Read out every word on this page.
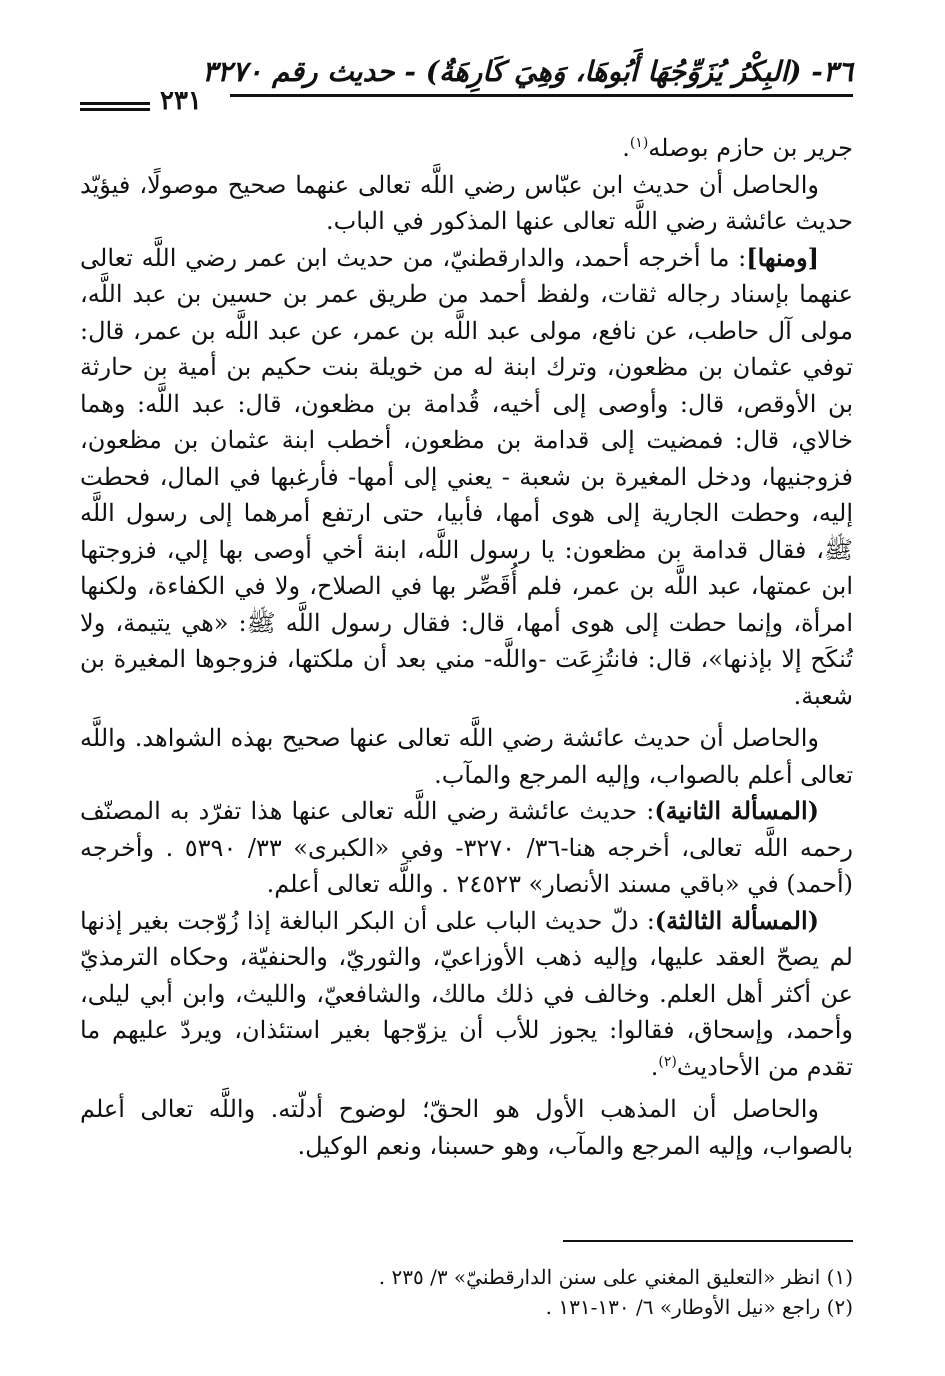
٣٦- (البِكْرُ يُزَوِّجُهَا أَبُوهَا، وَهِيَ كَارِهَةٌ) - حديث رقم ٣٢٧٠
٢٣١

جرير بن حازم بوصله$^{(١)}$.

والحاصل أن حديث ابن عبّاس رضي اللَّه تعالى عنهما صحيح موصولًا، فيؤيّد حديث عائشة رضي اللَّه تعالى عنها المذكور في الباب.

[ومنها]: ما أخرجه أحمد، والدارقطنيّ، من حديث ابن عمر رضي اللَّه تعالى عنهما بإسناد رجاله ثقات، ولفظ أحمد من طريق عمر بن حسين بن عبد اللَّه، مولى آل حاطب، عن نافع، مولى عبد اللَّه بن عمر، عن عبد اللَّه بن عمر، قال: توفي عثمان بن مظعون، وترك ابنة له من خويلة بنت حكيم بن أمية بن حارثة بن الأوقص، قال: وأوصى إلى أخيه، قُدامة بن مظعون، قال: عبد اللَّه: وهما خالاي، قال: فمضيت إلى قدامة بن مظعون، أخطب ابنة عثمان بن مظعون، فزوجنيها، ودخل المغيرة بن شعبة - يعني إلى أمها- فأرغبها في المال، فحطت إليه، وحطت الجارية إلى هوى أمها، فأبيا، حتى ارتفع أمرهما إلى رسول اللَّه ﷺ، فقال قدامة بن مظعون: يا رسول اللَّه، ابنة أخي أوصى بها إلي، فزوجتها ابن عمتها، عبد اللَّه بن عمر، فلم أُقَصِّر بها في الصلاح، ولا في الكفاءة، ولكنها امرأة، وإنما حطت إلى هوى أمها، قال: فقال رسول اللَّه ﷺ: «هي يتيمة، ولا تُنكَح إلا بإذنها»، قال: فانتُزِعَت -واللَّه- مني بعد أن ملكتها، فزوجوها المغيرة بن شعبة.

والحاصل أن حديث عائشة رضي اللَّه تعالى عنها صحيح بهذه الشواهد. واللَّه تعالى أعلم بالصواب، وإليه المرجع والمآب.

(المسألة الثانية): حديث عائشة رضي اللَّه تعالى عنها هذا تفرّد به المصنّف رحمه اللَّه تعالى، أخرجه هنا-٣٦/ ٣٢٧٠- وفي «الكبرى» ٣٣/ ٥٣٩٠ . وأخرجه (أحمد) في «باقي مسند الأنصار» ٢٤٥٢٣ . واللَّه تعالى أعلم.

(المسألة الثالثة): دلّ حديث الباب على أن البكر البالغة إذا زُوّجت بغير إذنها لم يصحّ العقد عليها، وإليه ذهب الأوزاعيّ، والثوريّ، والحنفيّة، وحكاه الترمذيّ عن أكثر أهل العلم. وخالف في ذلك مالك، والشافعيّ، والليث، وابن أبي ليلى، وأحمد، وإسحاق، فقالوا: يجوز للأب أن يزوّجها بغير استئذان، ويردّ عليهم ما تقدم من الأحاديث$^{(٢)}$.

والحاصل أن المذهب الأول هو الحقّ؛ لوضوح أدلّته. واللَّه تعالى أعلم بالصواب، وإليه المرجع والمآب، وهو حسبنا، ونعم الوكيل.

(١) انظر «التعليق المغني على سنن الدارقطنيّ» ٣/ ٢٣٥ .
(٢) راجع «نيل الأوطار» ٦/ ١٣٠-١٣١ .
